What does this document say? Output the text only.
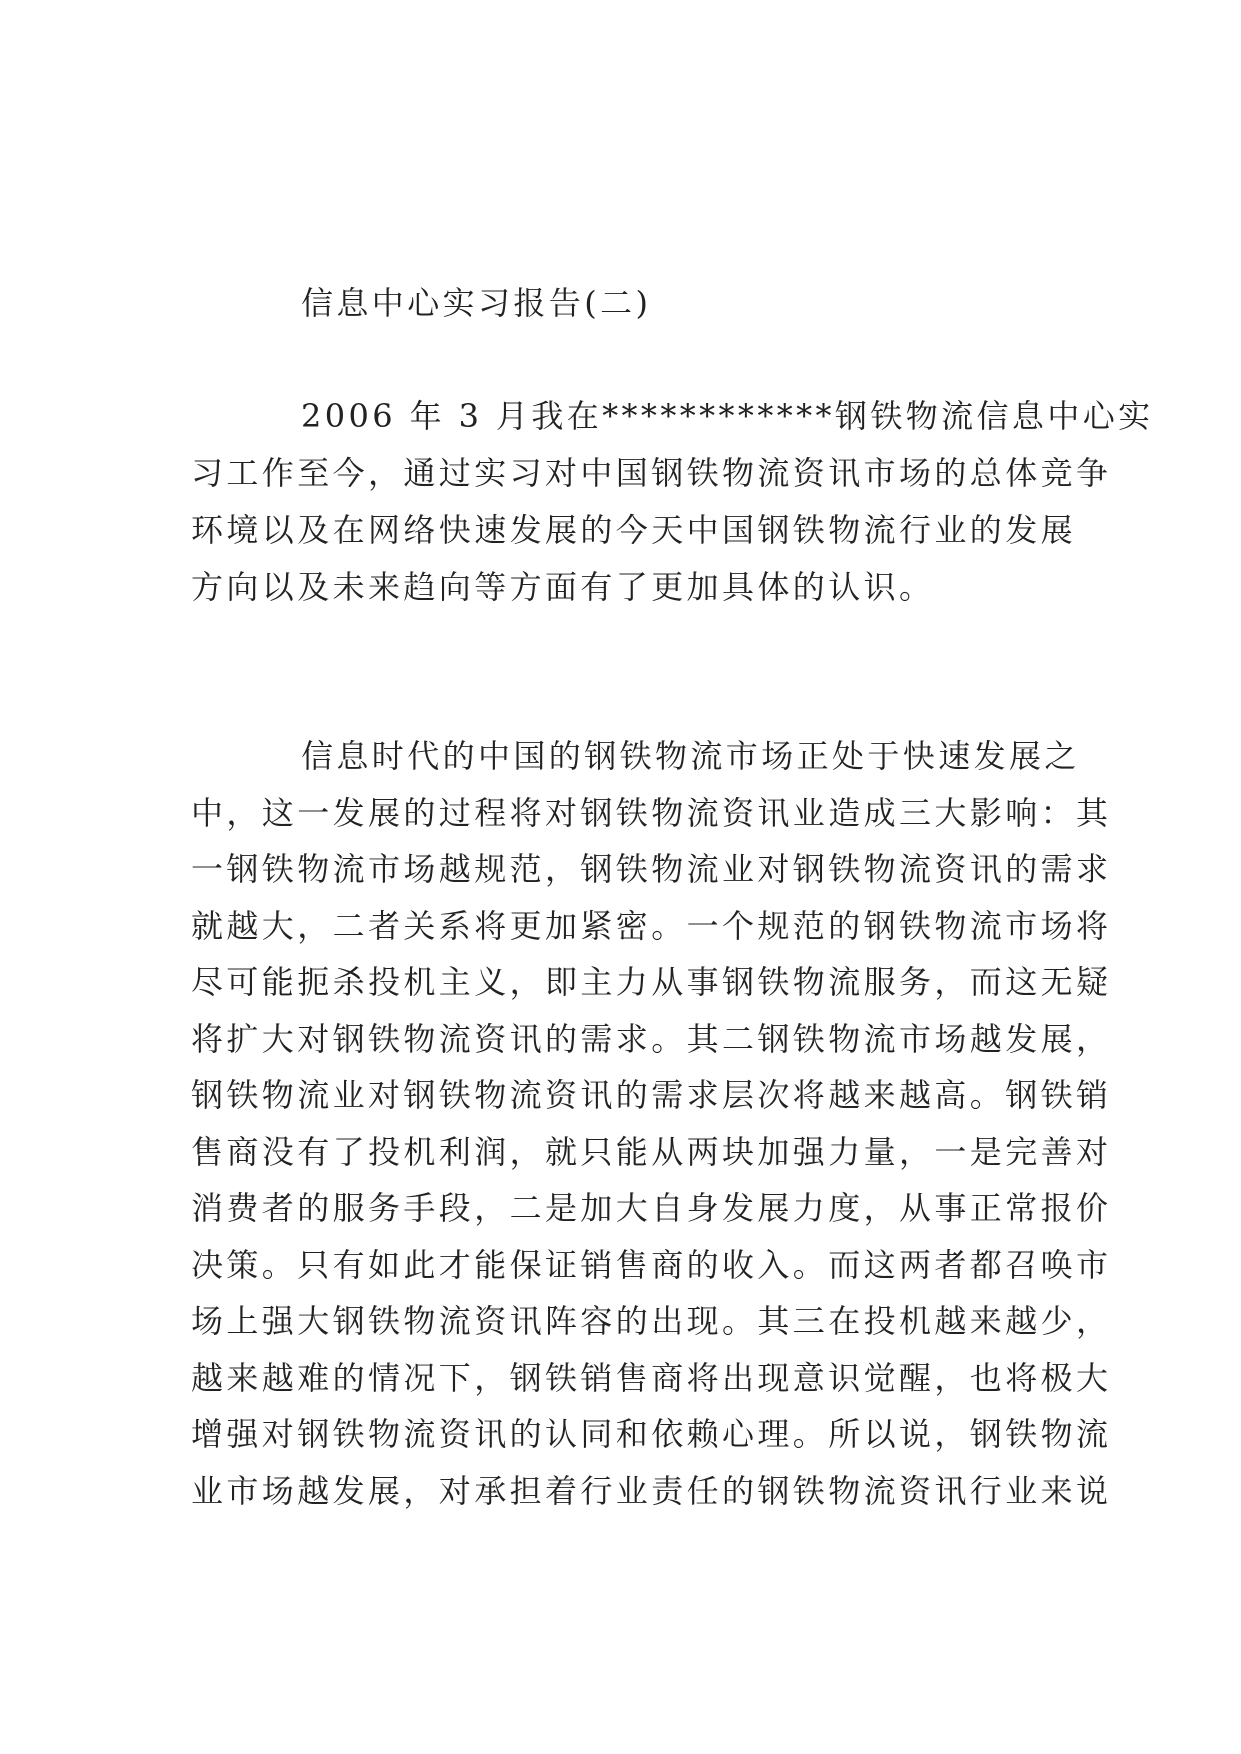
信息中心实习报告(二)
2006 年 3 月我在************钢铁物流信息中心实
习工作至今，通过实习对中国钢铁物流资讯市场的总体竞争
环境以及在网络快速发展的今天中国钢铁物流行业的发展
方向以及未来趋向等方面有了更加具体的认识。
信息时代的中国的钢铁物流市场正处于快速发展之
中，这一发展的过程将对钢铁物流资讯业造成三大影响：其
一钢铁物流市场越规范，钢铁物流业对钢铁物流资讯的需求
就越大，二者关系将更加紧密。一个规范的钢铁物流市场将
尽可能扼杀投机主义，即主力从事钢铁物流服务，而这无疑
将扩大对钢铁物流资讯的需求。其二钢铁物流市场越发展，
钢铁物流业对钢铁物流资讯的需求层次将越来越高。钢铁销
售商没有了投机利润，就只能从两块加强力量，一是完善对
消费者的服务手段，二是加大自身发展力度，从事正常报价
决策。只有如此才能保证销售商的收入。而这两者都召唤市
场上强大钢铁物流资讯阵容的出现。其三在投机越来越少，
越来越难的情况下，钢铁销售商将出现意识觉醒，也将极大
增强对钢铁物流资讯的认同和依赖心理。所以说，钢铁物流
业市场越发展，对承担着行业责任的钢铁物流资讯行业来说
